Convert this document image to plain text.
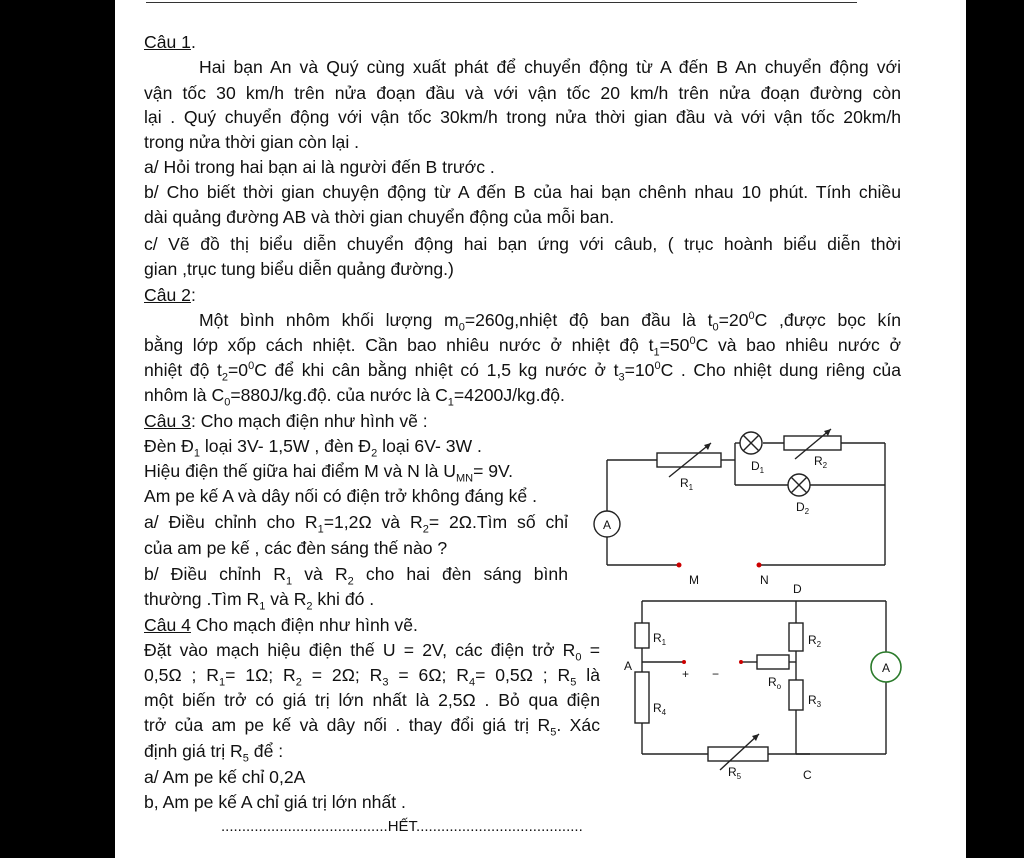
Câu 1.
Hai bạn An và Quý cùng xuất phát để chuyển động từ A đến B An chuyển động với
vận tốc 30 km/h trên nửa đoạn đầu và với vận tốc 20 km/h trên nửa đoạn đường còn
lại . Quý chuyển động với vận tốc 30km/h trong nửa thời gian đầu và với vận tốc 20km/h
trong nửa thời gian còn lại .
a/ Hỏi trong hai bạn ai là người đến B trước .
b/ Cho biết thời gian chuyện động từ A đến B của hai bạn chênh nhau 10 phút. Tính chiều
dài quảng đường AB và thời gian chuyển động của mỗi ban.
c/ Vẽ đồ thị biểu diễn chuyển động hai bạn ứng với câub, ( trục hoành biểu diễn thời
gian ,trục tung biểu diễn quảng đường.)
Câu 2:
Một bình nhôm khối lượng $m_0=260g,nhiệt$ độ ban đầu là $t_0=20^0C$ ,được bọc kín
bằng lớp xốp cách nhiệt. Cần bao nhiêu nước ở nhiệt độ $t_1=50^0C$ và bao nhiêu nước ở
nhiệt độ $t_2=0^0C$ để khi cân bằng nhiệt có 1,5 kg nước ở $t_3=10^0C$ . Cho nhiệt dung riêng của
nhôm là $C_0=880J/kg.độ$. của nước là $C_1=4200J/kg.độ$.
Câu 3: Cho mạch điện như hình vẽ :
Đèn $Đ_1$ loại 3V- 1,5W , đèn $Đ_2$ loại 6V- 3W .
Hiệu điện thế giữa hai điểm M và N là $U_{MN}= 9V$.
Am pe kế A và dây nối có điện trở không đáng kể .
a/ Điều chỉnh cho $R_1=1,2\Omega$ và $R_2=$ 2Ω.Tìm số chỉ
của am pe kế , các đèn sáng thế nào ?
b/ Điều chỉnh $R_1$ và $R_2$ cho hai đèn sáng bình
thường .Tìm $R_1$ và $R_2$ khi đó .
Câu 4 Cho mạch điện như hình vẽ.
Đặt vào mạch hiệu điện thế U = 2V, các điện trở $R_0$ =
0,5Ω ; $R_1= 1\Omega$; $R_2 = 2\Omega$; $R_3 = 6\Omega$; $R_4= 0,5\Omega$ ; $R_5$ là
một biến trở có giá trị lớn nhất là 2,5Ω . Bỏ qua điện
trở của am pe kế và dây nối . thay đổi giá trị $R_5$. Xác
định giá trị $R_5$ để :
a/ Am pe kế chỉ 0,2A
b, Am pe kế A chỉ giá trị lớn nhất .
........................................HẾT........................................
A
$D_1$
$R_2$
$R_1$
$D_2$
M	N
A
D
$R_1$	$R_2$
A
+ −
$R_o$
$R_4$
$R_3$
$R_5$	C
